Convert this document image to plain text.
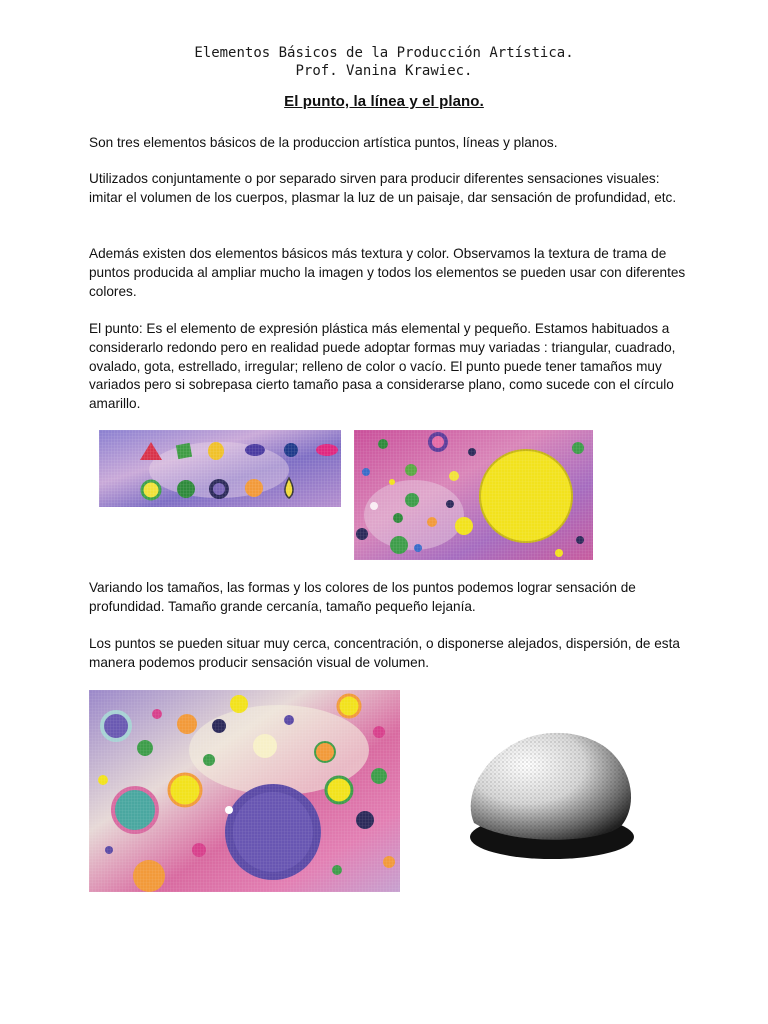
Elementos Básicos de la Producción Artística.
Prof. Vanina Krawiec.
El punto, la línea y el plano.

Son tres elementos básicos de la produccion artística puntos, líneas y planos.

Utilizados conjuntamente o por separado sirven para producir diferentes sensaciones visuales: imitar el volumen de los cuerpos, plasmar la luz de un paisaje, dar sensación de profundidad, etc.

Además existen dos elementos básicos más textura y color. Observamos la textura de trama de puntos producida al ampliar mucho la imagen y todos los elementos se pueden usar con diferentes colores.

El punto: Es el elemento de expresión plástica más elemental y pequeño. Estamos habituados a considerarlo redondo pero en realidad puede adoptar formas muy variadas : triangular, cuadrado, ovalado, gota, estrellado, irregular; relleno de color o vacío. El punto puede tener tamaños muy variados pero si sobrepasa cierto tamaño pasa a considerarse plano, como sucede con el círculo amarillo.

Variando los tamaños, las formas y los colores de los puntos podemos lograr sensación de profundidad. Tamaño grande cercanía, tamaño pequeño lejanía.

Los puntos se pueden situar muy cerca, concentración, o disponerse alejados, dispersión, de esta manera podemos producir sensación visual de volumen.
